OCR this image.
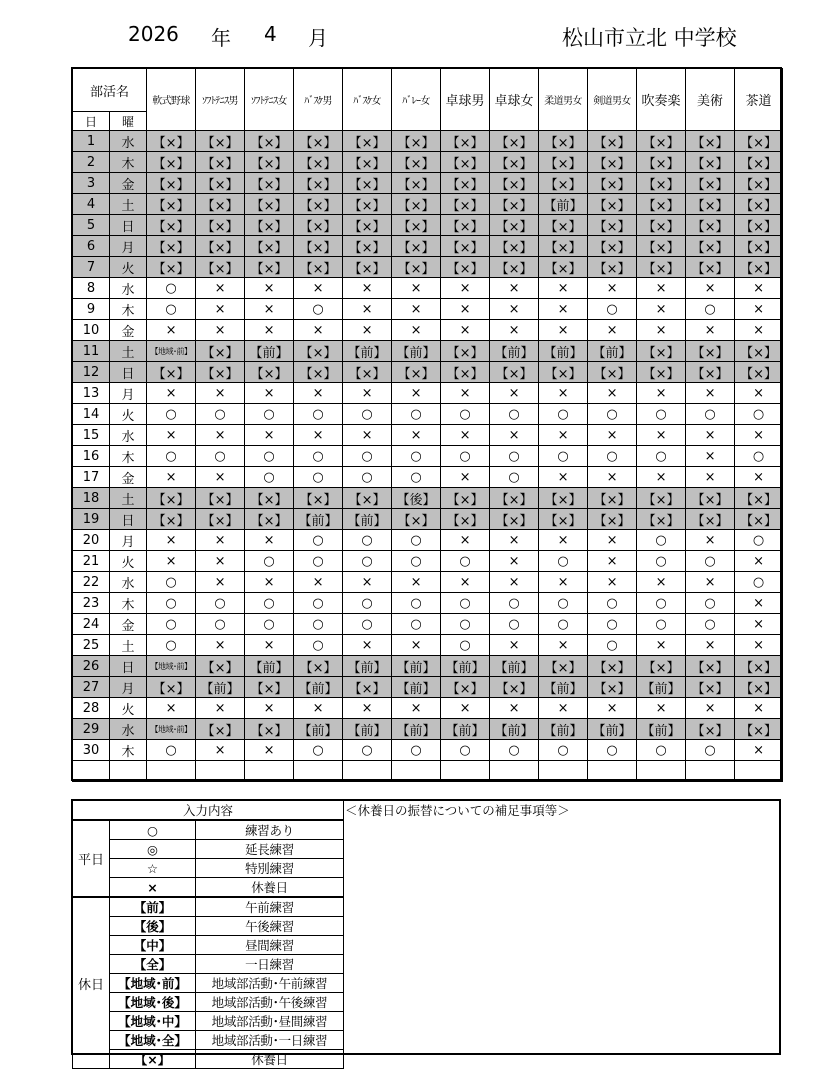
2026 年 4 月	松山市立北 中学校
部活名		軟式野球	ｿﾌﾄﾃﾆｽ男	ｿﾌﾄﾃﾆｽ女	ﾊﾞｽｹ男	ﾊﾞｽｹ女	ﾊﾞﾚｰ女	卓球男	卓球女	柔道男女	剣道男女	吹奏楽	美術	茶道
日	曜													
1	水	【×】	【×】	【×】	【×】	【×】	【×】	【×】	【×】	【×】	【×】	【×】	【×】	【×】
2	木	【×】	【×】	【×】	【×】	【×】	【×】	【×】	【×】	【×】	【×】	【×】	【×】	【×】
3	金	【×】	【×】	【×】	【×】	【×】	【×】	【×】	【×】	【×】	【×】	【×】	【×】	【×】
4	土	【×】	【×】	【×】	【×】	【×】	【×】	【×】	【×】	【前】	【×】	【×】	【×】	【×】
5	日	【×】	【×】	【×】	【×】	【×】	【×】	【×】	【×】	【×】	【×】	【×】	【×】	【×】
6	月	【×】	【×】	【×】	【×】	【×】	【×】	【×】	【×】	【×】	【×】	【×】	【×】	【×】
7	火	【×】	【×】	【×】	【×】	【×】	【×】	【×】	【×】	【×】	【×】	【×】	【×】	【×】
8	水	○	×	×	×	×	×	×	×	×	×	×	×	×
9	木	○	×	×	○	×	×	×	×	×	○	×	○	×
10	金	×	×	×	×	×	×	×	×	×	×	×	×	×
11	土	【地域･前】	【×】	【前】	【×】	【前】	【前】	【×】	【前】	【前】	【前】	【×】	【×】	【×】
12	日	【×】	【×】	【×】	【×】	【×】	【×】	【×】	【×】	【×】	【×】	【×】	【×】	【×】
13	月	×	×	×	×	×	×	×	×	×	×	×	×	×
14	火	○	○	○	○	○	○	○	○	○	○	○	○	○
15	水	×	×	×	×	×	×	×	×	×	×	×	×	×
16	木	○	○	○	○	○	○	○	○	○	○	○	×	○
17	金	×	×	○	○	○	○	×	○	×	×	×	×	×
18	土	【×】	【×】	【×】	【×】	【×】	【後】	【×】	【×】	【×】	【×】	【×】	【×】	【×】
19	日	【×】	【×】	【×】	【前】	【前】	【×】	【×】	【×】	【×】	【×】	【×】	【×】	【×】
20	月	×	×	×	○	○	○	×	×	×	×	○	×	○
21	火	×	×	○	○	○	○	○	×	○	×	○	○	×
22	水	○	×	×	×	×	×	×	×	×	×	×	×	○
23	木	○	○	○	○	○	○	○	○	○	○	○	○	×
24	金	○	○	○	○	○	○	○	○	○	○	○	○	×
25	土	○	×	×	○	×	×	○	×	×	○	×	×	×
26	日	【地域･前】	【×】	【前】	【×】	【前】	【前】	【前】	【前】	【×】	【×】	【×】	【×】	【×】
27	月	【×】	【前】	【×】	【前】	【×】	【前】	【×】	【×】	【前】	【×】	【前】	【×】	【×】
28	火	×	×	×	×	×	×	×	×	×	×	×	×	×
29	水	【地域･前】	【×】	【×】	【前】	【前】	【前】	【前】	【前】	【前】	【前】	【前】	【×】	【×】
30	木	○	×	×	○	○	○	○	○	○	○	○	○	×

入力内容		
平日	○	練習あり
	◎	延長練習
	☆	特別練習
	×	休養日
休日	【前】	午前練習
	【後】	午後練習
	【中】	昼間練習
	【全】	一日練習
	【地域･前】	地域部活動･午前練習
	【地域･後】	地域部活動･午後練習
	【地域･中】	地域部活動･昼間練習
	【地域･全】	地域部活動･一日練習
	【×】	休養日
＜休養日の振替についての補足事項等＞
